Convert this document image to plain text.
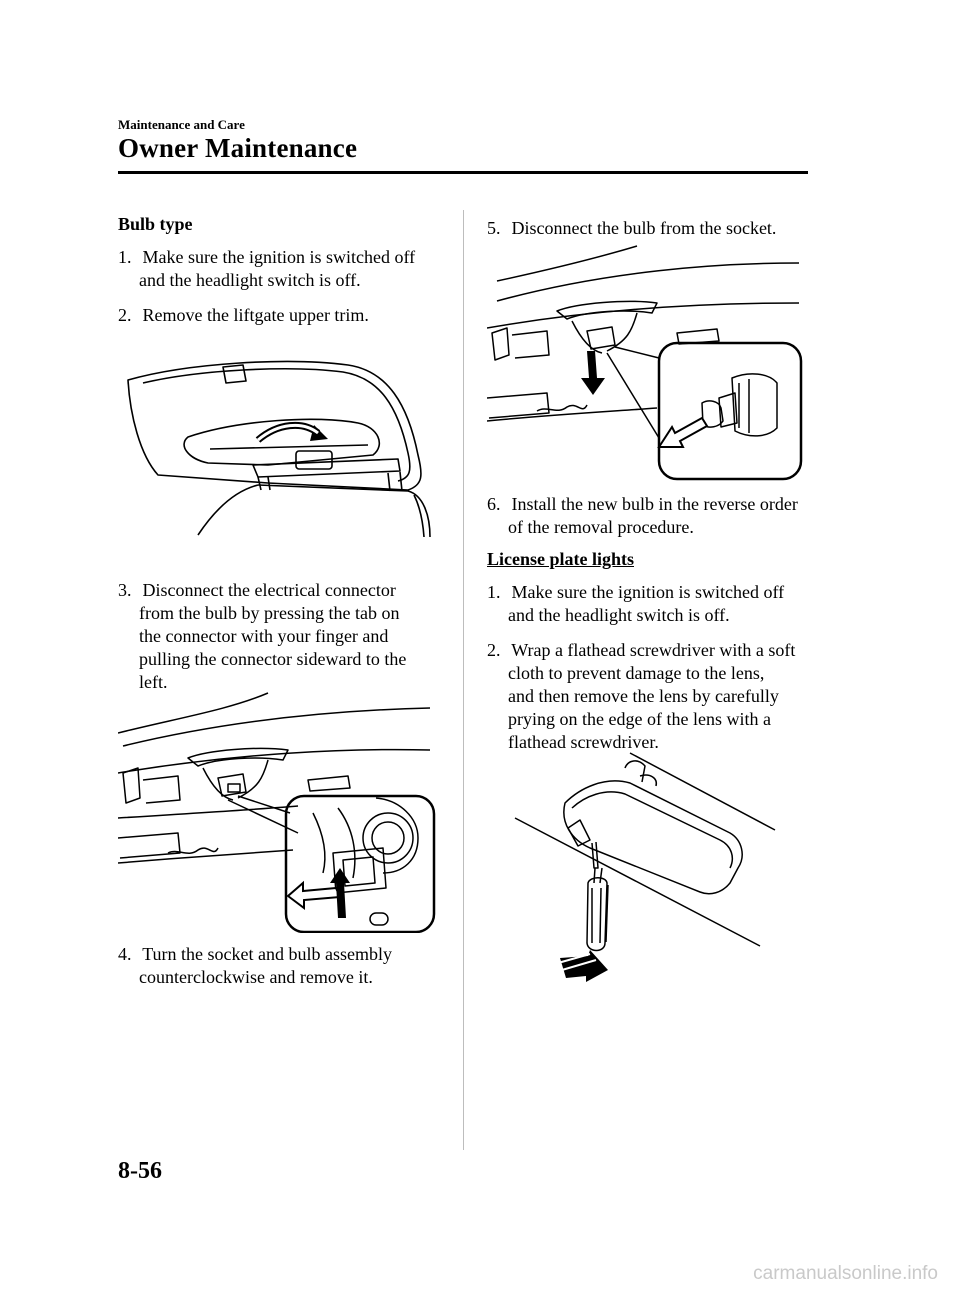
Maintenance and Care
Owner Maintenance
Bulb type
1. Make sure the ignition is switched off
and the headlight switch is off.
2. Remove the liftgate upper trim.
3. Disconnect the electrical connector
from the bulb by pressing the tab on
the connector with your finger and
pulling the connector sideward to the
left.
4. Turn the socket and bulb assembly
counterclockwise and remove it.
5. Disconnect the bulb from the socket.
6. Install the new bulb in the reverse order
of the removal procedure.
License plate lights
1. Make sure the ignition is switched off
and the headlight switch is off.
2. Wrap a flathead screwdriver with a soft
cloth to prevent damage to the lens,
and then remove the lens by carefully
prying on the edge of the lens with a
flathead screwdriver.
8-56
carmanualsonline.info
